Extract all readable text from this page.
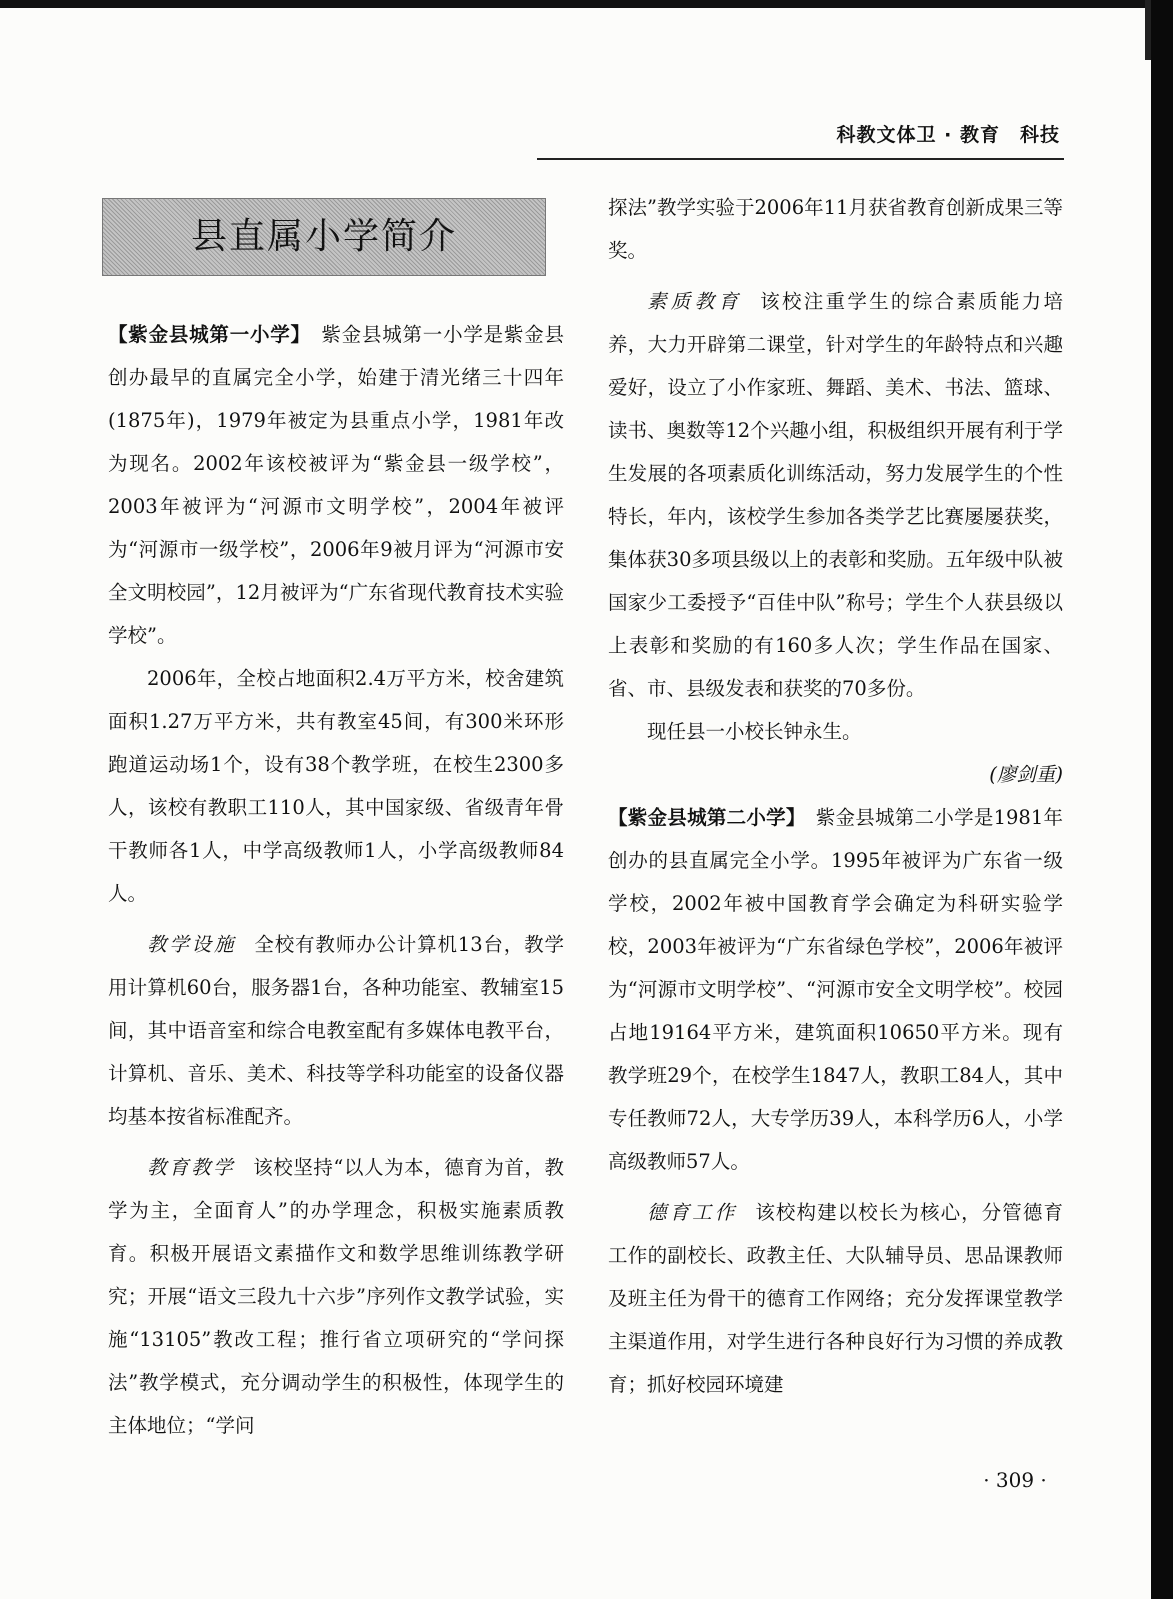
科教文体卫 · 教育　科技
县直属小学简介

【紫金县城第一小学】　 紫金县城第一小学是紫金县创办最早的直属完全小学，始建于清光绪三十四年(1875年)，1979年被定为县重点小学，1981年改为现名。2002年该校被评为“紫金县一级学校”，2003年被评为“河源市文明学校”，2004年被评为“河源市一级学校”，2006年9被月评为“河源市安全文明校园”，12月被评为“广东省现代教育技术实验学校”。

2006年，全校占地面积2.4万平方米，校舍建筑面积1.27万平方米，共有教室45间，有300米环形跑道运动场1个，设有38个教学班，在校生2300多人，该校有教职工110人，其中国家级、省级青年骨干教师各1人，中学高级教师1人，小学高级教师84人。

教学设施 全校有教师办公计算机13台，教学用计算机60台，服务器1台，各种功能室、教辅室15间，其中语音室和综合电教室配有多媒体电教平台，计算机、音乐、美术、科技等学科功能室的设备仪器均基本按省标准配齐。

教育教学 该校坚持“以人为本，德育为首，教学为主，全面育人”的办学理念，积极实施素质教育。积极开展语文素描作文和数学思维训练教学研究；开展“语文三段九十六步”序列作文教学试验，实施“13105”教改工程；推行省立项研究的“学问探法”教学模式，充分调动学生的积极性，体现学生的主体地位；“学问

探法”教学实验于2006年11月获省教育创新成果三等奖。

素质教育 该校注重学生的综合素质能力培养，大力开辟第二课堂，针对学生的年龄特点和兴趣爱好，设立了小作家班、舞蹈、美术、书法、篮球、读书、奥数等12个兴趣小组，积极组织开展有利于学生发展的各项素质化训练活动，努力发展学生的个性特长，年内，该校学生参加各类学艺比赛屡屡获奖，集体获30多项县级以上的表彰和奖励。五年级中队被国家少工委授予“百佳中队”称号；学生个人获县级以上表彰和奖励的有160多人次；学生作品在国家、省、市、县级发表和获奖的70多份。

现任县一小校长钟永生。

(廖剑重)

【紫金县城第二小学】　 紫金县城第二小学是1981年创办的县直属完全小学。1995年被评为广东省一级学校，2002年被中国教育学会确定为科研实验学校，2003年被评为“广东省绿色学校”，2006年被评为“河源市文明学校”、“河源市安全文明学校”。校园占地19164平方米，建筑面积10650平方米。现有教学班29个，在校学生1847人，教职工84人，其中专任教师72人，大专学历39人，本科学历6人，小学高级教师57人。

德育工作 该校构建以校长为核心，分管德育工作的副校长、政教主任、大队辅导员、思品课教师及班主任为骨干的德育工作网络；充分发挥课堂教学主渠道作用，对学生进行各种良好行为习惯的养成教育；抓好校园环境建

· 309 ·
